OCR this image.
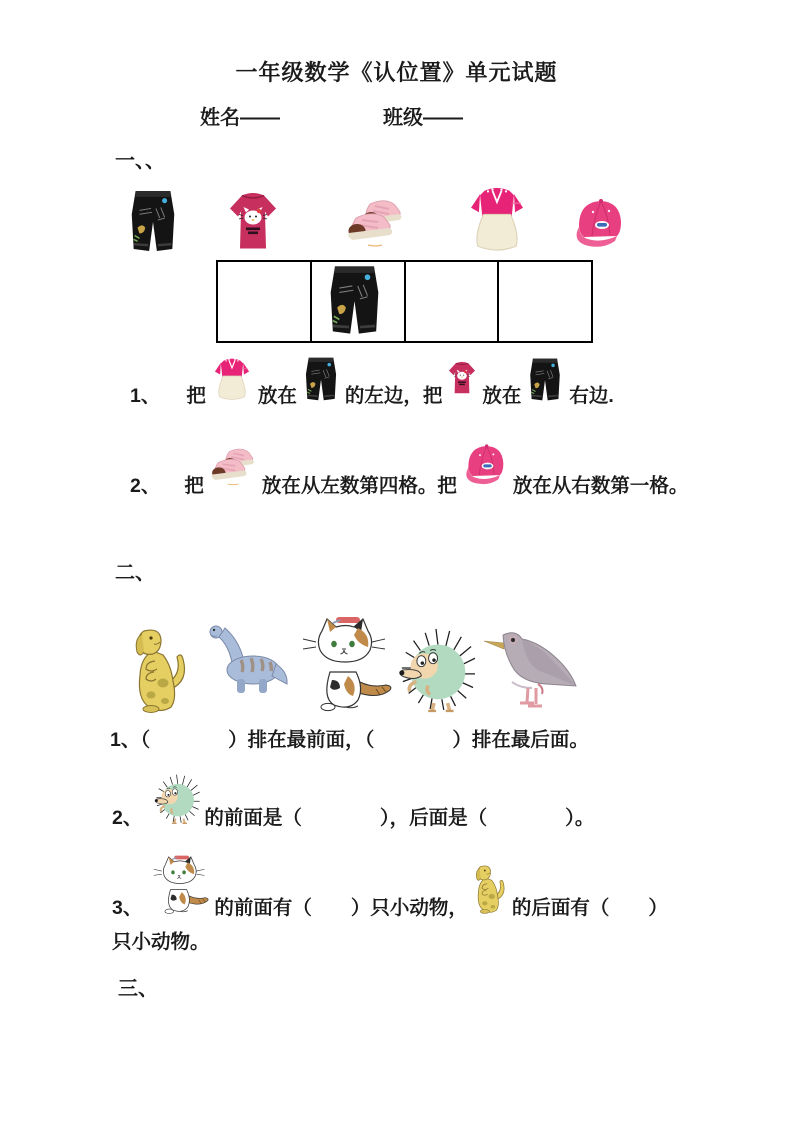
一年级数学《认位置》单元试题
姓名——	班级——
一、、
1、 把	放在 的左边，把 放在 右边.
2、 把	放在从左数第四格。把	放在从右数第一格。
二、
1、（　　　　）排在最前面，（　　　　）排在最后面。
2、	的前面是（　　　　），后面是（　　　　）。
3、	的前面有（　　）只小动物， 的后面有（　　）
只小动物。
三、
